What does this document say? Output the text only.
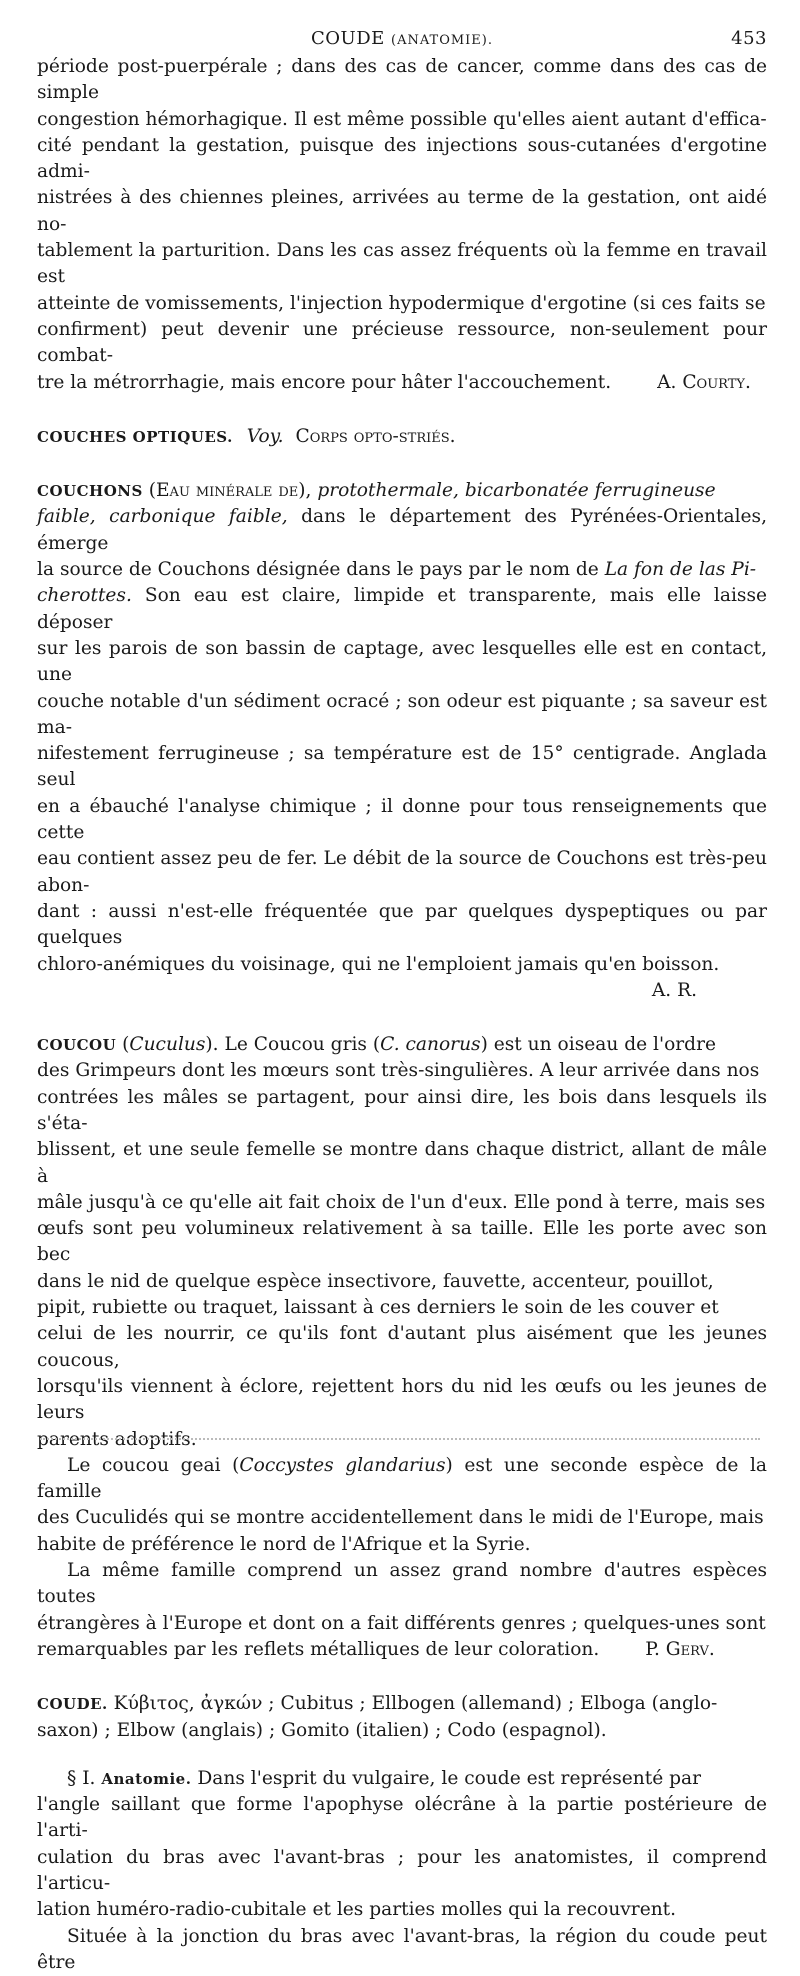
COUDE (ANATOMIE).	453

période post-puerpérale ; dans des cas de cancer, comme dans des cas de simple

congestion hémorhagique. Il est même possible qu'elles aient autant d'effica-

cité pendant la gestation, puisque des injections sous-cutanées d'ergotine admi-

nistrées à des chiennes pleines, arrivées au terme de la gestation, ont aidé no-

tablement la parturition. Dans les cas assez fréquents où la femme en travail est

atteinte de vomissements, l'injection hypodermique d'ergotine (si ces faits se

confirment) peut devenir une précieuse ressource, non-seulement pour combat-

tre la métrorrhagie, mais encore pour hâter l'accouchement. A. Courty.

COUCHES OPTIQUES. Voy. Corps opto-striés.

COUCHONS (Eau minérale de), protothermale, bicarbonatée ferrugineuse

faible, carbonique faible, dans le département des Pyrénées-Orientales, émerge

la source de Couchons désignée dans le pays par le nom de La fon de las Pi-

cherottes. Son eau est claire, limpide et transparente, mais elle laisse déposer

sur les parois de son bassin de captage, avec lesquelles elle est en contact, une

couche notable d'un sédiment ocracé ; son odeur est piquante ; sa saveur est ma-

nifestement ferrugineuse ; sa température est de 15° centigrade. Anglada seul

en a ébauché l'analyse chimique ; il donne pour tous renseignements que cette

eau contient assez peu de fer. Le débit de la source de Couchons est très-peu abon-

dant : aussi n'est-elle fréquentée que par quelques dyspeptiques ou par quelques

chloro-anémiques du voisinage, qui ne l'emploient jamais qu'en boisson.

A. R.

COUCOU (Cuculus). Le Coucou gris (C. canorus) est un oiseau de l'ordre

des Grimpeurs dont les mœurs sont très-singulières. A leur arrivée dans nos

contrées les mâles se partagent, pour ainsi dire, les bois dans lesquels ils s'éta-

blissent, et une seule femelle se montre dans chaque district, allant de mâle à

mâle jusqu'à ce qu'elle ait fait choix de l'un d'eux. Elle pond à terre, mais ses

œufs sont peu volumineux relativement à sa taille. Elle les porte avec son bec

dans le nid de quelque espèce insectivore, fauvette, accenteur, pouillot,

pipit, rubiette ou traquet, laissant à ces derniers le soin de les couver et

celui de les nourrir, ce qu'ils font d'autant plus aisément que les jeunes coucous,

lorsqu'ils viennent à éclore, rejettent hors du nid les œufs ou les jeunes de leurs

parents adoptifs.

Le coucou geai (Coccystes glandarius) est une seconde espèce de la famille

des Cuculidés qui se montre accidentellement dans le midi de l'Europe, mais

habite de préférence le nord de l'Afrique et la Syrie.

La même famille comprend un assez grand nombre d'autres espèces toutes

étrangères à l'Europe et dont on a fait différents genres ; quelques-unes sont

remarquables par les reflets métalliques de leur coloration. P. Gerv.

COUDE. Κύβιτος, ἀγκών ; Cubitus ; Ellbogen (allemand) ; Elboga (anglo-

saxon) ; Elbow (anglais) ; Gomito (italien) ; Codo (espagnol).

§ I. Anatomie. Dans l'esprit du vulgaire, le coude est représenté par

l'angle saillant que forme l'apophyse olécrâne à la partie postérieure de l'arti-

culation du bras avec l'avant-bras ; pour les anatomistes, il comprend l'articu-

lation huméro-radio-cubitale et les parties molles qui la recouvrent.

Située à la jonction du bras avec l'avant-bras, la région du coude peut être
